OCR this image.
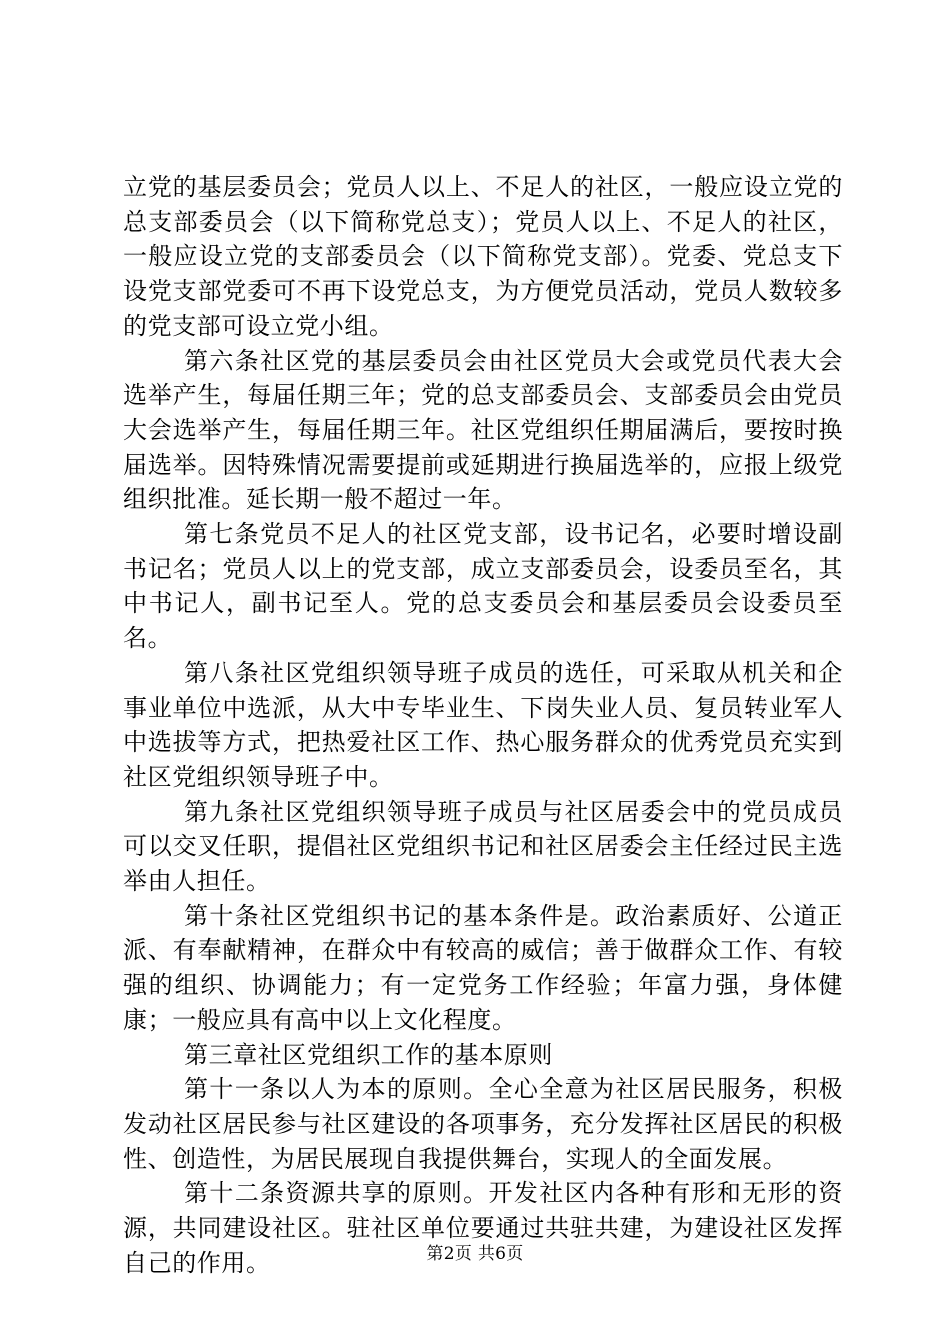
立党的基层委员会；党员人以上、不足人的社区，一般应设立党的总支部委员会（以下简称党总支）；党员人以上、不足人的社区，一般应设立党的支部委员会（以下简称党支部）。党委、党总支下设党支部党委可不再下设党总支，为方便党员活动，党员人数较多的党支部可设立党小组。

第六条社区党的基层委员会由社区党员大会或党员代表大会选举产生，每届任期三年；党的总支部委员会、支部委员会由党员大会选举产生，每届任期三年。社区党组织任期届满后，要按时换届选举。因特殊情况需要提前或延期进行换届选举的，应报上级党组织批准。延长期一般不超过一年。

第七条党员不足人的社区党支部，设书记名，必要时增设副书记名；党员人以上的党支部，成立支部委员会，设委员至名，其中书记人，副书记至人。党的总支委员会和基层委员会设委员至名。

第八条社区党组织领导班子成员的选任，可采取从机关和企事业单位中选派，从大中专毕业生、下岗失业人员、复员转业军人中选拔等方式，把热爱社区工作、热心服务群众的优秀党员充实到社区党组织领导班子中。

第九条社区党组织领导班子成员与社区居委会中的党员成员可以交叉任职，提倡社区党组织书记和社区居委会主任经过民主选举由人担任。

第十条社区党组织书记的基本条件是。政治素质好、公道正派、有奉献精神，在群众中有较高的威信；善于做群众工作、有较强的组织、协调能力；有一定党务工作经验；年富力强，身体健康；一般应具有高中以上文化程度。

第三章社区党组织工作的基本原则

第十一条以人为本的原则。全心全意为社区居民服务，积极发动社区居民参与社区建设的各项事务，充分发挥社区居民的积极性、创造性，为居民展现自我提供舞台，实现人的全面发展。

第十二条资源共享的原则。开发社区内各种有形和无形的资源，共同建设社区。驻社区单位要通过共驻共建，为建设社区发挥自己的作用。	第2页 共6页
